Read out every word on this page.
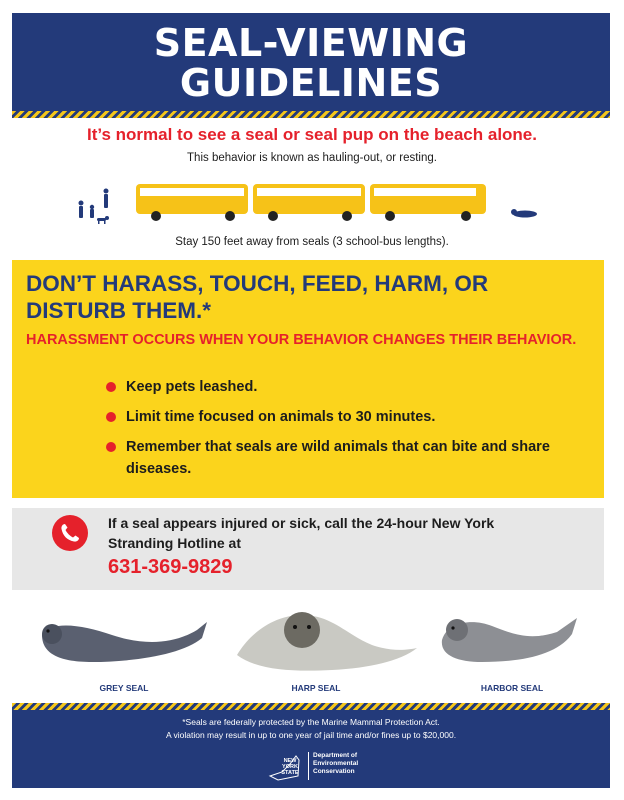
SEAL-VIEWING
GUIDELINES
It’s normal to see a seal or seal pup on the beach alone.
This behavior is known as hauling-out, or resting.
Stay 150 feet away from seals (3 school-bus lengths).
DON’T HARASS, TOUCH, FEED, HARM, OR DISTURB THEM.*
HARASSMENT OCCURS WHEN YOUR BEHAVIOR CHANGES THEIR BEHAVIOR.
Keep pets leashed.
Limit time focused on animals to 30 minutes.
Remember that seals are wild animals that can bite and share diseases.
If a seal appears injured or sick, call the 24-hour New York Stranding Hotline at
631-369-9829
GREY SEAL	HARP SEAL	HARBOR SEAL
*Seals are federally protected by the Marine Mammal Protection Act.
A violation may result in up to one year of jail time and/or fines up to $20,000.
NEW YORK STATE
Department of Environmental Conservation
